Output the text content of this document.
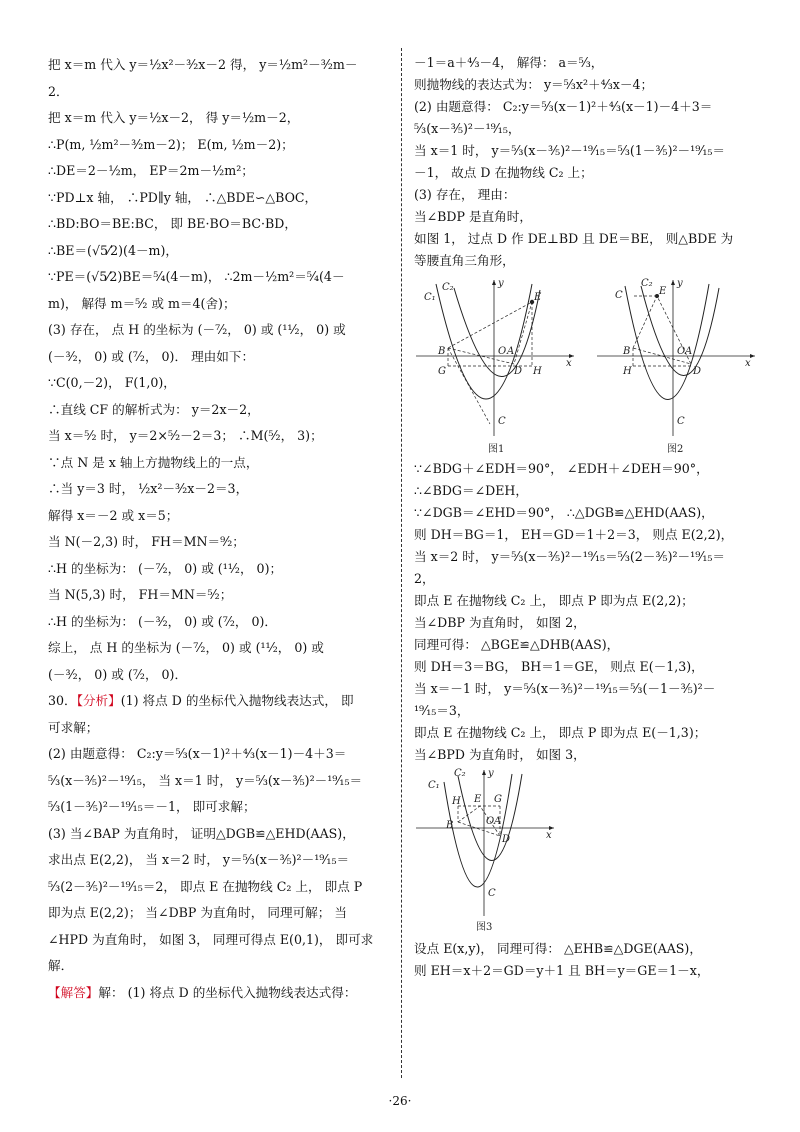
把 x＝m 代入 y＝½x²－³⁄₂x－2 得， y＝½m²－³⁄₂m－
2．
把 x＝m 代入 y＝½x－2， 得 y＝½m－2，
∴P(m, ½m²－³⁄₂m－2)； E(m, ½m－2)；
∴DE＝2－½m， EP＝2m－½m²；
∵PD⊥x 轴， ∴PD∥y 轴， ∴△BDE∽△BOC，
∴BD:BO＝BE:BC， 即 BE·BO＝BC·BD，
∴BE＝(√5⁄2)(4－m)，
∵PE＝(√5⁄2)BE＝⁵⁄₄(4－m)， ∴2m－½m²＝⁵⁄₄(4－
m)， 解得 m＝⁵⁄₂ 或 m＝4(舍)；
(3) 存在， 点 H 的坐标为 (－⁷⁄₂， 0) 或 (¹¹⁄₂， 0) 或
(－³⁄₂， 0) 或 (⁷⁄₂， 0)． 理由如下：
∵C(0,－2)， F(1,0)，
∴直线 CF 的解析式为： y＝2x－2，
当 x＝⁵⁄₂ 时， y＝2×⁵⁄₂－2＝3； ∴M(⁵⁄₂， 3)；
∵点 N 是 x 轴上方抛物线上的一点，
∴当 y＝3 时， ½x²－³⁄₂x－2＝3，
解得 x＝－2 或 x＝5；
当 N(－2,3) 时， FH＝MN＝⁹⁄₂；
∴H 的坐标为： (－⁷⁄₂， 0) 或 (¹¹⁄₂， 0)；
当 N(5,3) 时， FH＝MN＝⁵⁄₂；
∴H 的坐标为： (－³⁄₂， 0) 或 (⁷⁄₂， 0)．
综上， 点 H 的坐标为 (－⁷⁄₂， 0) 或 (¹¹⁄₂， 0) 或
(－³⁄₂， 0) 或 (⁷⁄₂， 0)．
30．【分析】(1) 将点 D 的坐标代入抛物线表达式， 即
可求解；
(2) 由题意得： C₂:y＝⁵⁄₃(x－1)²＋⁴⁄₃(x－1)－4＋3＝
⁵⁄₃(x－³⁄₅)²－¹⁹⁄₁₅， 当 x＝1 时， y＝⁵⁄₃(x－³⁄₅)²－¹⁹⁄₁₅＝
⁵⁄₃(1－³⁄₅)²－¹⁹⁄₁₅＝－1， 即可求解；
(3) 当∠BAP 为直角时， 证明△DGB≌△EHD(AAS)，
求出点 E(2,2)， 当 x＝2 时， y＝⁵⁄₃(x－³⁄₅)²－¹⁹⁄₁₅＝
⁵⁄₃(2－³⁄₅)²－¹⁹⁄₁₅＝2， 即点 E 在抛物线 C₂ 上， 即点 P
即为点 E(2,2)； 当∠DBP 为直角时， 同理可解； 当
∠HPD 为直角时， 如图 3， 同理可得点 E(0,1)， 即可求
解．
【解答】解： (1) 将点 D 的坐标代入抛物线表达式得：
－1＝a＋⁴⁄₃－4， 解得： a＝⁵⁄₃，
则抛物线的表达式为： y＝⁵⁄₃x²＋⁴⁄₃x－4；
(2) 由题意得： C₂:y＝⁵⁄₃(x－1)²＋⁴⁄₃(x－1)－4＋3＝
⁵⁄₃(x－³⁄₅)²－¹⁹⁄₁₅，
当 x＝1 时， y＝⁵⁄₃(x－³⁄₅)²－¹⁹⁄₁₅＝⁵⁄₃(1－³⁄₅)²－¹⁹⁄₁₅＝
－1， 故点 D 在抛物线 C₂ 上；
(3) 存在， 理由：
当∠BDP 是直角时，
如图 1， 过点 D 作 DE⊥BD 且 DE＝BE， 则△BDE 为
等腰直角三角形，
x
y
C₁
C₂
E
B
G
O A
D H
C
图1
x
y
C
C₂
E
B
H
O A
D
C
图2
∵∠BDG＋∠EDH＝90°， ∠EDH＋∠DEH＝90°，
∴∠BDG＝∠DEH，
∵∠DGB＝∠EHD＝90°， ∴△DGB≌△EHD(AAS)，
则 DH＝BG＝1， EH＝GD＝1＋2＝3， 则点 E(2,2)，
当 x＝2 时， y＝⁵⁄₃(x－³⁄₅)²－¹⁹⁄₁₅＝⁵⁄₃(2－³⁄₅)²－¹⁹⁄₁₅＝
2，
即点 E 在抛物线 C₂ 上， 即点 P 即为点 E(2,2)；
当∠DBP 为直角时， 如图 2，
同理可得： △BGE≌△DHB(AAS)，
则 DH＝3＝BG， BH＝1＝GE， 则点 E(－1,3)，
当 x＝－1 时， y＝⁵⁄₃(x－³⁄₅)²－¹⁹⁄₁₅＝⁵⁄₃(－1－³⁄₅)²－
¹⁹⁄₁₅＝3，
即点 E 在抛物线 C₂ 上， 即点 P 即为点 E(－1,3)；
当∠BPD 为直角时， 如图 3，
x
y
C₁
C₂
H E G
B	O A
D
C
图3
设点 E(x,y)， 同理可得： △EHB≌△DGE(AAS)，
则 EH＝x＋2＝GD＝y＋1 且 BH＝y＝GE＝1－x，
·26·
